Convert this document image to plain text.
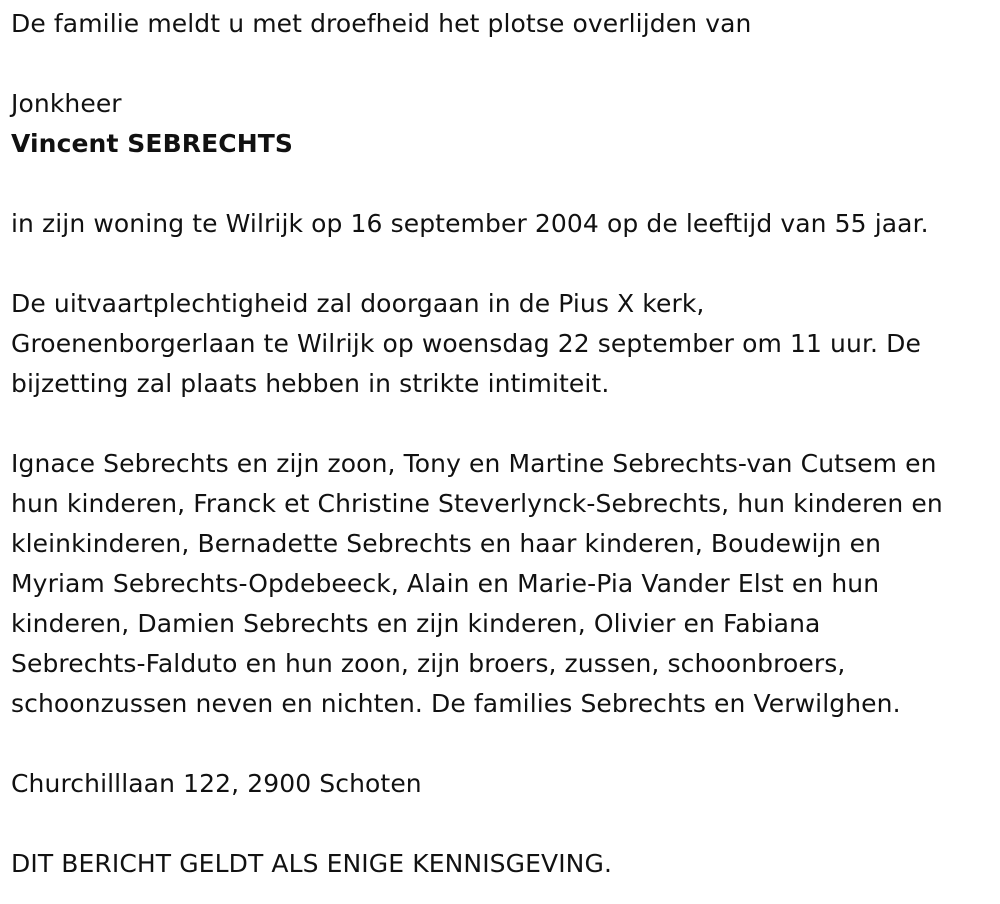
De familie meldt u met droefheid het plotse overlijden van

Jonkheer

Vincent SEBRECHTS

in zijn woning te Wilrijk op 16 september 2004 op de leeftijd van 55 jaar.

De uitvaartplechtigheid zal doorgaan in de Pius X kerk,

Groenenborgerlaan te Wilrijk op woensdag 22 september om 11 uur. De

bijzetting zal plaats hebben in strikte intimiteit.

Ignace Sebrechts en zijn zoon, Tony en Martine Sebrechts-van Cutsem en

hun kinderen, Franck et Christine Steverlynck-Sebrechts, hun kinderen en

kleinkinderen, Bernadette Sebrechts en haar kinderen, Boudewijn en

Myriam Sebrechts-Opdebeeck, Alain en Marie-Pia Vander Elst en hun

kinderen, Damien Sebrechts en zijn kinderen, Olivier en Fabiana

Sebrechts-Falduto en hun zoon, zijn broers, zussen, schoonbroers,

schoonzussen neven en nichten. De families Sebrechts en Verwilghen.

Churchilllaan 122, 2900 Schoten

DIT BERICHT GELDT ALS ENIGE KENNISGEVING.
